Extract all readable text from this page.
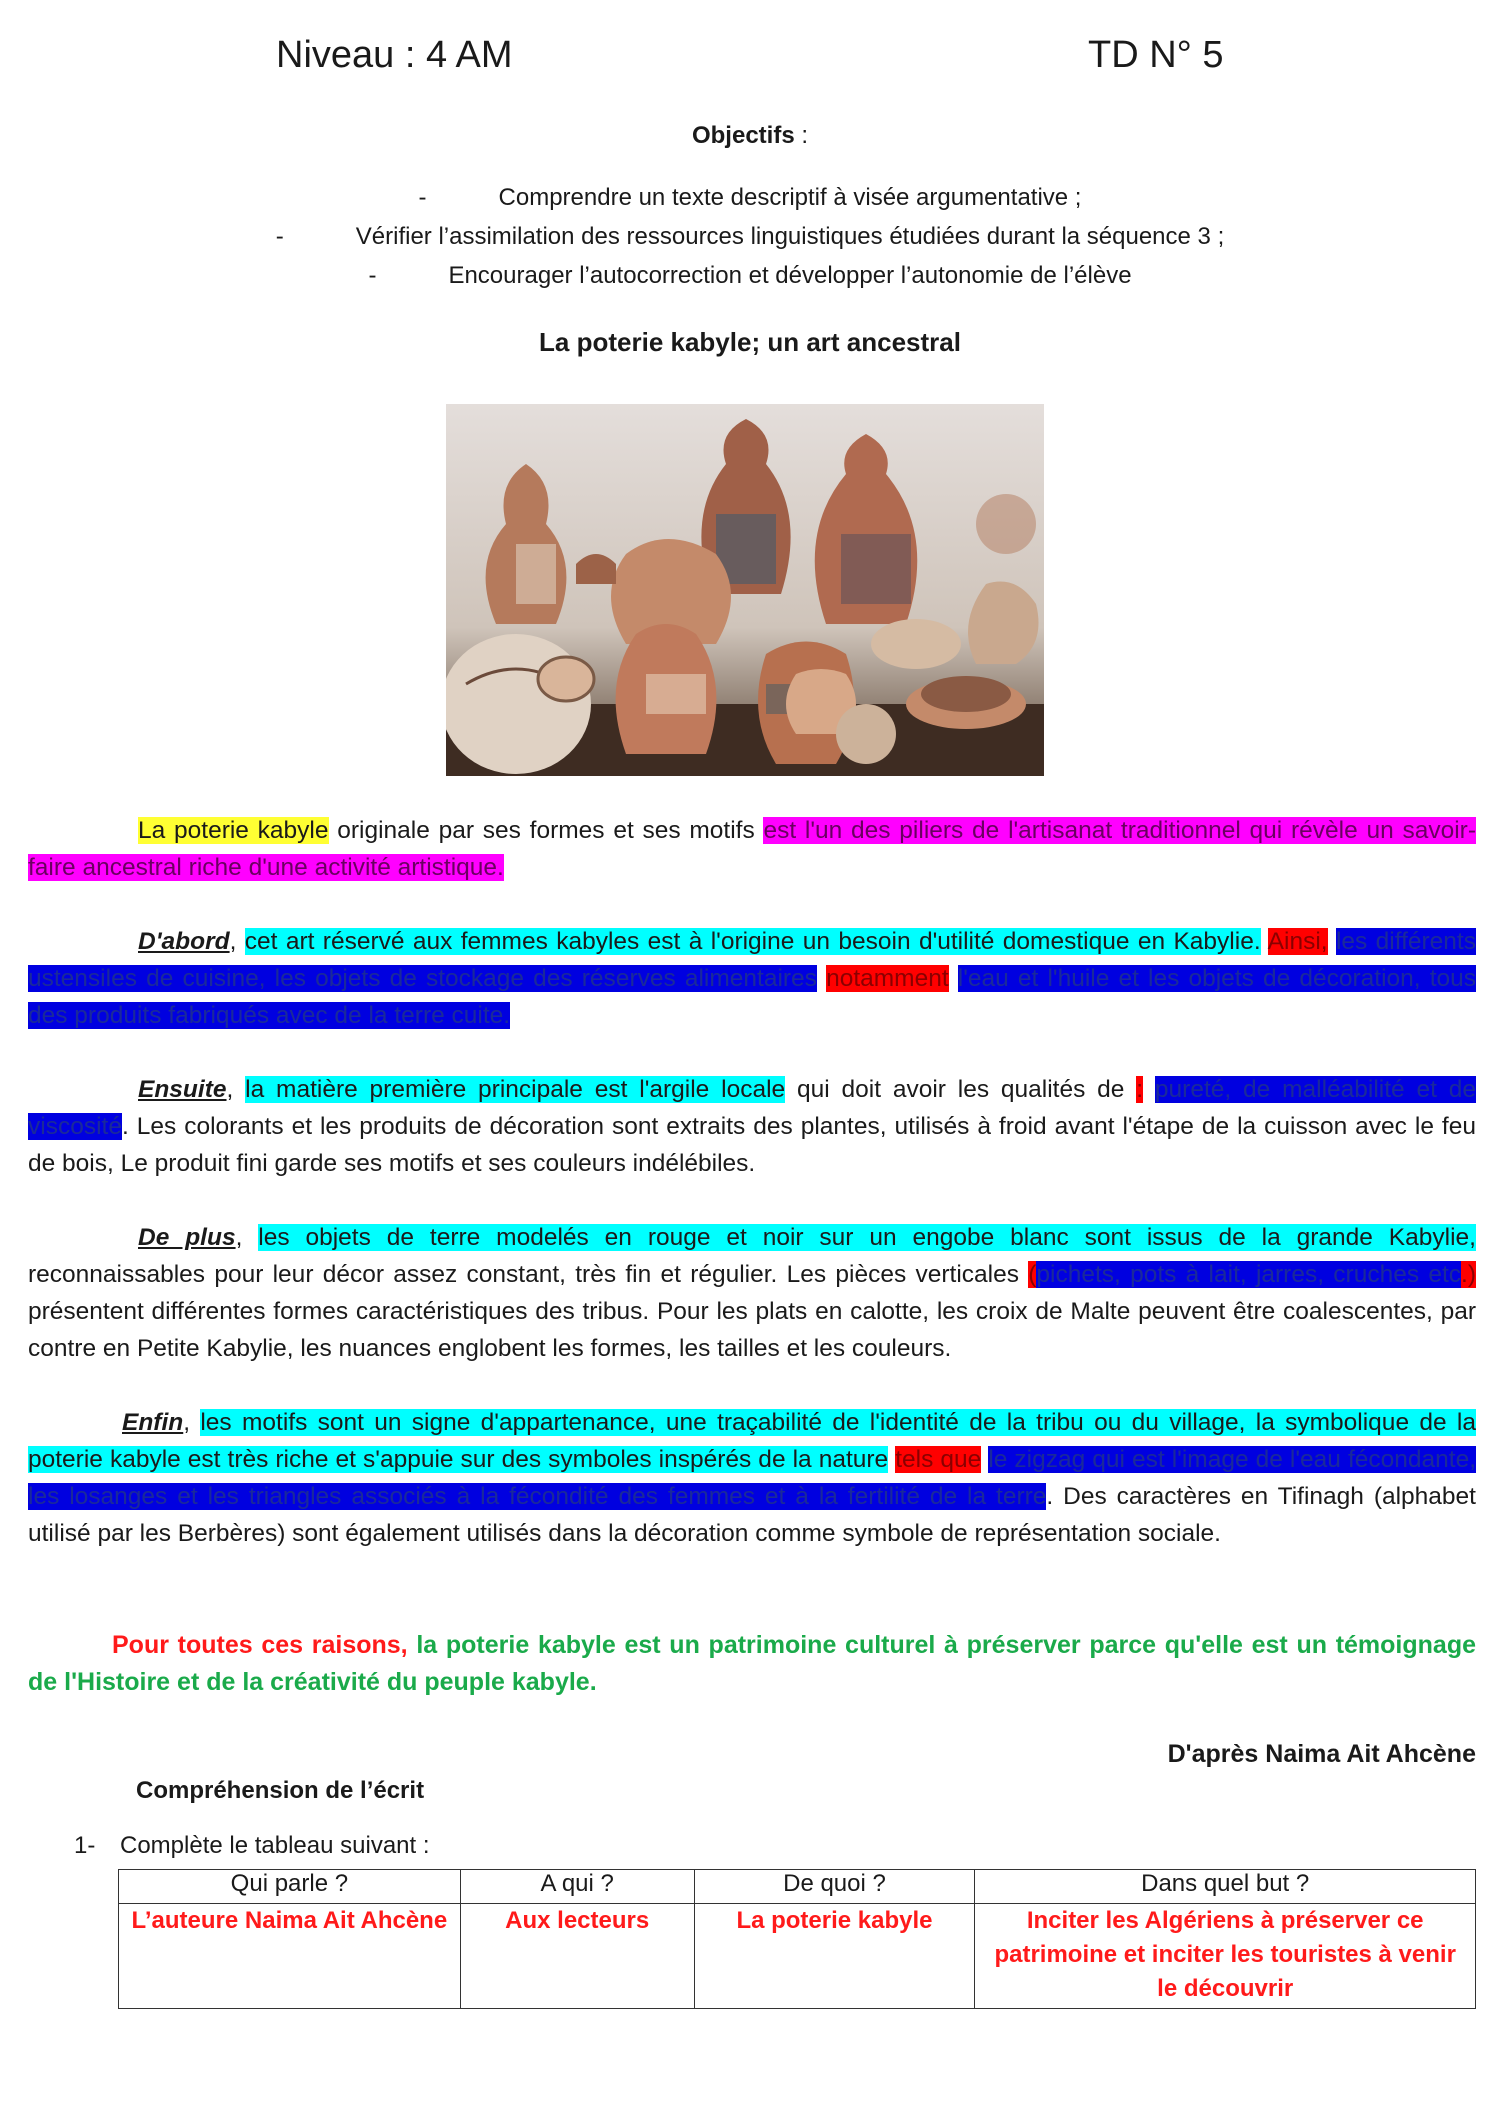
Niveau : 4 AM	TD N° 5
Objectifs :
-	Comprendre un texte descriptif à visée argumentative ;
-	Vérifier l’assimilation des ressources linguistiques étudiées durant la séquence 3 ;
-	Encourager l’autocorrection et développer l’autonomie de l’élève
La poterie kabyle; un art ancestral
La poterie kabyle originale par ses formes et ses motifs est l'un des piliers de l'artisanat traditionnel qui révèle un savoir-faire ancestral riche d'une activité artistique.
D'abord, cet art réservé aux femmes kabyles est à l'origine un besoin d'utilité domestique en Kabylie. Ainsi, les différents ustensiles de cuisine, les objets de stockage des réserves alimentaires notamment l'eau et l'huile et les objets de décoration, tous des produits fabriqués avec de la terre cuite.
Ensuite, la matière première principale est l'argile locale qui doit avoir les qualités de : pureté, de malléabilité et de viscosité. Les colorants et les produits de décoration sont extraits des plantes, utilisés à froid avant l'étape de la cuisson avec le feu de bois, Le produit fini garde ses motifs et ses couleurs indélébiles.
De plus, les objets de terre modelés en rouge et noir sur un engobe blanc sont issus de la grande Kabylie, reconnaissables pour leur décor assez constant, très fin et régulier. Les pièces verticales (pichets, pots à lait, jarres, cruches etc.) présentent différentes formes caractéristiques des tribus. Pour les plats en calotte, les croix de Malte peuvent être coalescentes, par contre en Petite Kabylie, les nuances englobent les formes, les tailles et les couleurs.
Enfin, les motifs sont un signe d'appartenance, une traçabilité de l'identité de la tribu ou du village, la symbolique de la poterie kabyle est très riche et s'appuie sur des symboles inspérés de la nature tels que le zigzag qui est l'image de l'eau fécondante, les losanges et les triangles associés à la fécondité des femmes et à la fertilité de la terre. Des caractères en Tifinagh (alphabet utilisé par les Berbères) sont également utilisés dans la décoration comme symbole de représentation sociale.
Pour toutes ces raisons, la poterie kabyle est un patrimoine culturel à préserver parce qu'elle est un témoignage de l'Histoire et de la créativité du peuple kabyle.
D'après Naima Ait Ahcène
Compréhension de l’écrit
1- Complète le tableau suivant :
Qui parle ?	A qui ?	De quoi ?	Dans quel but ?
L’auteure Naima Ait Ahcène	Aux lecteurs	La poterie kabyle	Inciter les Algériens à préserver ce patrimoine et inciter les touristes à venir le découvrir
